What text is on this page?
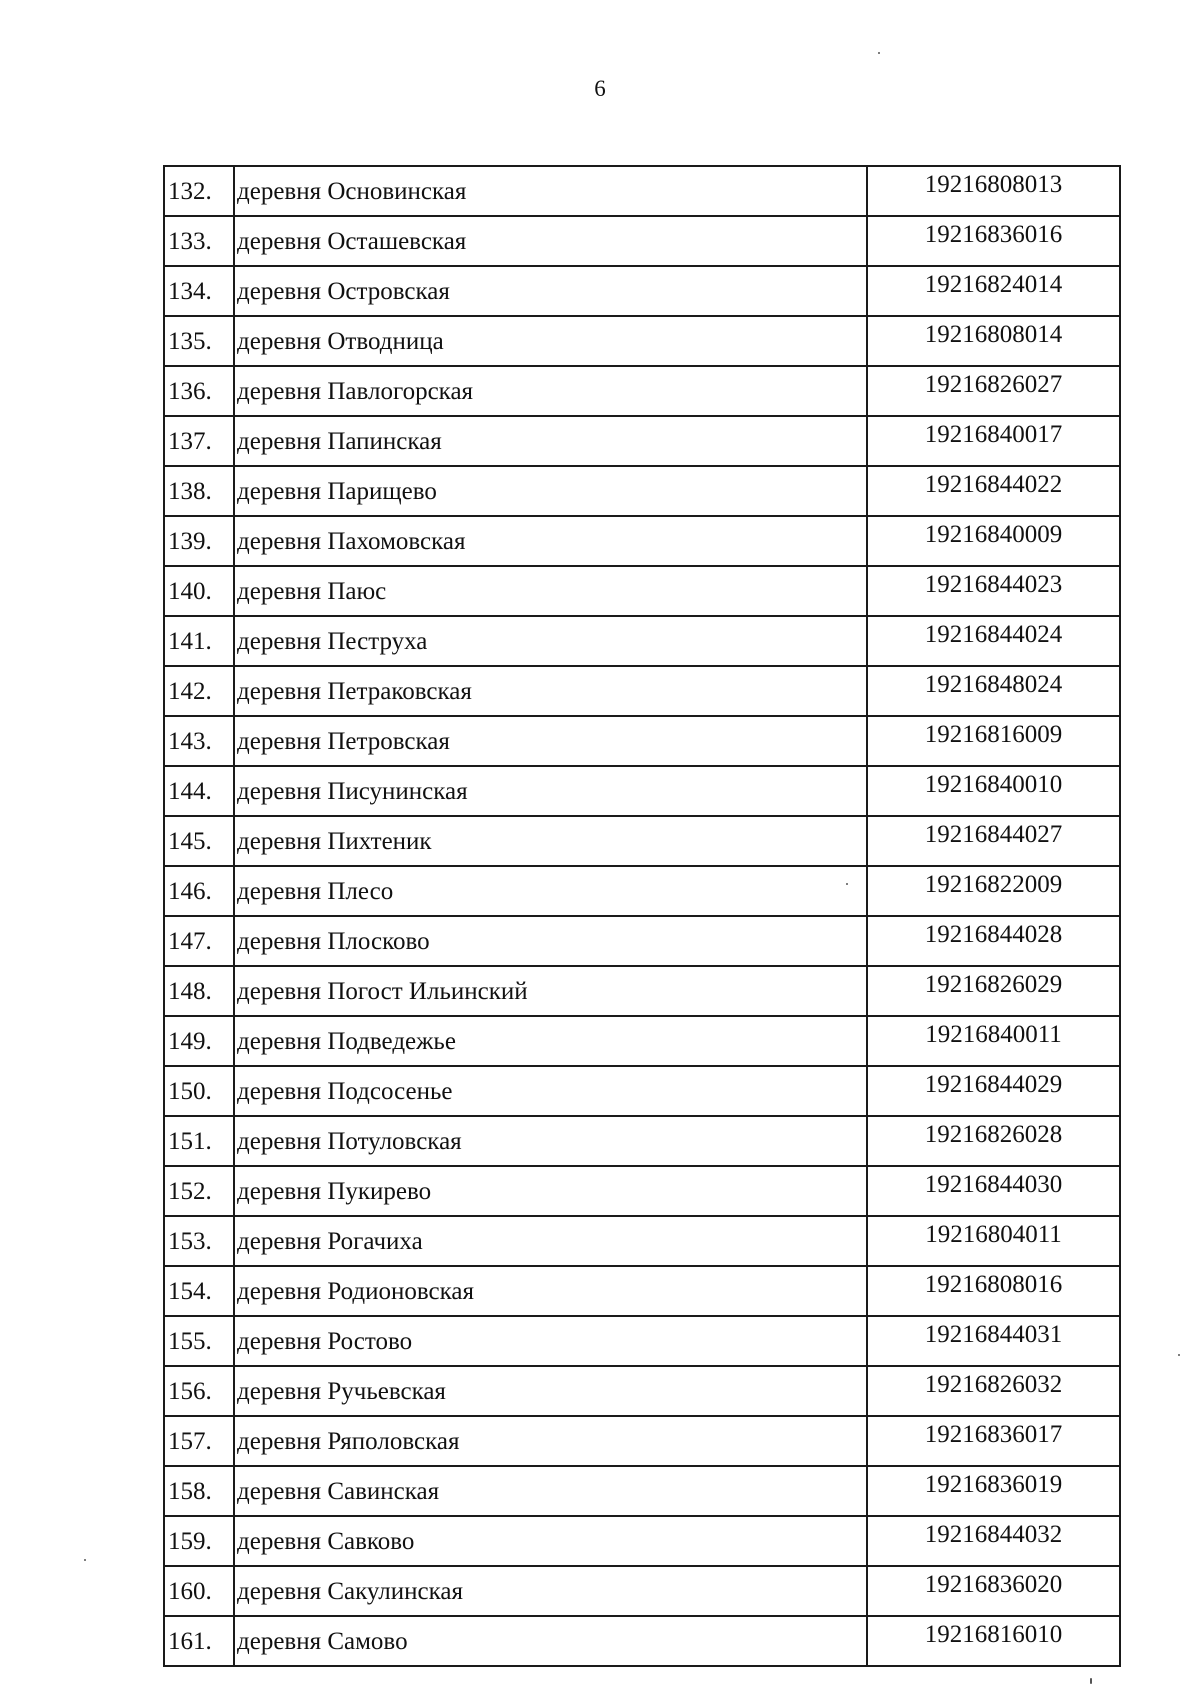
6
132.	деревня Основинская	19216808013
133.	деревня Осташевская	19216836016
134.	деревня Островская	19216824014
135.	деревня Отводница	19216808014
136.	деревня Павлогорская	19216826027
137.	деревня Папинская	19216840017
138.	деревня Парищево	19216844022
139.	деревня Пахомовская	19216840009
140.	деревня Паюс	19216844023
141.	деревня Пеструха	19216844024
142.	деревня Петраковская	19216848024
143.	деревня Петровская	19216816009
144.	деревня Писунинская	19216840010
145.	деревня Пихтеник	19216844027
146.	деревня Плесо	19216822009
147.	деревня Плосково	19216844028
148.	деревня Погост Ильинский	19216826029
149.	деревня Подведежье	19216840011
150.	деревня Подсосенье	19216844029
151.	деревня Потуловская	19216826028
152.	деревня Пукирево	19216844030
153.	деревня Рогачиха	19216804011
154.	деревня Родионовская	19216808016
155.	деревня Ростово	19216844031
156.	деревня Ручьевская	19216826032
157.	деревня Ряполовская	19216836017
158.	деревня Савинская	19216836019
159.	деревня Савково	19216844032
160.	деревня Сакулинская	19216836020
161.	деревня Самово	19216816010
